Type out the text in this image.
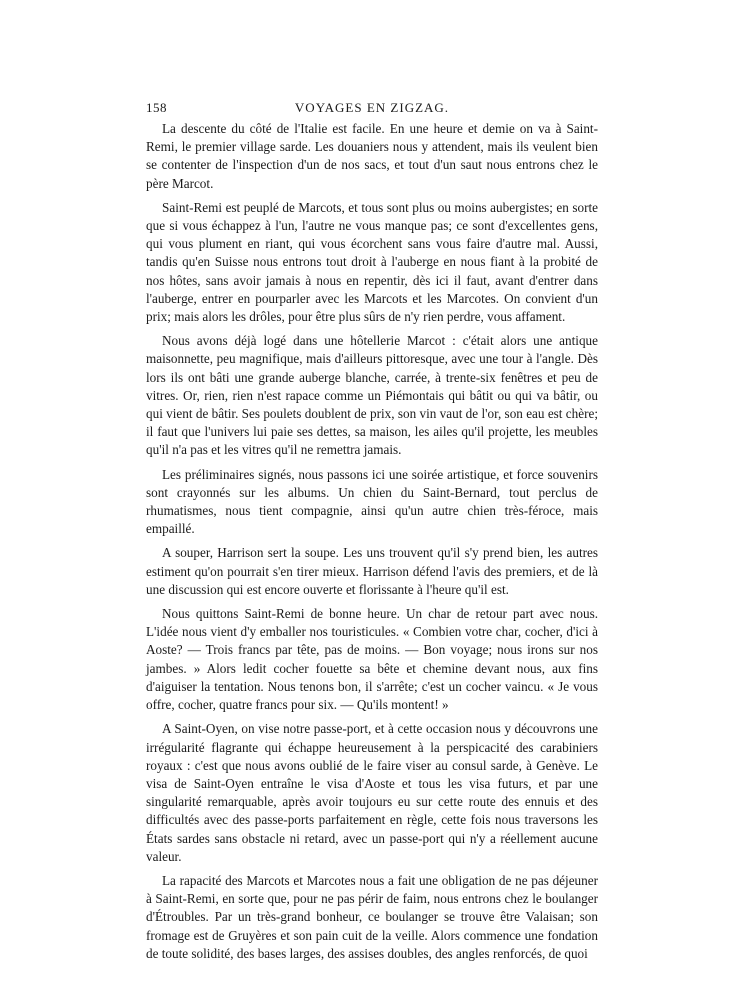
158	VOYAGES EN ZIGZAG.

La descente du côté de l'Italie est facile. En une heure et demie on va à Saint-Remi, le premier village sarde. Les douaniers nous y attendent, mais ils veulent bien se contenter de l'inspection d'un de nos sacs, et tout d'un saut nous entrons chez le père Marcot.

Saint-Remi est peuplé de Marcots, et tous sont plus ou moins aubergistes; en sorte que si vous échappez à l'un, l'autre ne vous manque pas; ce sont d'excellentes gens, qui vous plument en riant, qui vous écorchent sans vous faire d'autre mal. Aussi, tandis qu'en Suisse nous entrons tout droit à l'auberge en nous fiant à la probité de nos hôtes, sans avoir jamais à nous en repentir, dès ici il faut, avant d'entrer dans l'auberge, entrer en pourparler avec les Marcots et les Marcotes. On convient d'un prix; mais alors les drôles, pour être plus sûrs de n'y rien perdre, vous affament.

Nous avons déjà logé dans une hôtellerie Marcot : c'était alors une antique maisonnette, peu magnifique, mais d'ailleurs pittoresque, avec une tour à l'angle. Dès lors ils ont bâti une grande auberge blanche, carrée, à trente-six fenêtres et peu de vitres. Or, rien, rien n'est rapace comme un Piémontais qui bâtit ou qui va bâtir, ou qui vient de bâtir. Ses poulets doublent de prix, son vin vaut de l'or, son eau est chère; il faut que l'univers lui paie ses dettes, sa maison, les ailes qu'il projette, les meubles qu'il n'a pas et les vitres qu'il ne remettra jamais.

Les préliminaires signés, nous passons ici une soirée artistique, et force souvenirs sont crayonnés sur les albums. Un chien du Saint-Bernard, tout perclus de rhumatismes, nous tient compagnie, ainsi qu'un autre chien très-féroce, mais empaillé.

A souper, Harrison sert la soupe. Les uns trouvent qu'il s'y prend bien, les autres estiment qu'on pourrait s'en tirer mieux. Harrison défend l'avis des premiers, et de là une discussion qui est encore ouverte et florissante à l'heure qu'il est.

Nous quittons Saint-Remi de bonne heure. Un char de retour part avec nous. L'idée nous vient d'y emballer nos touristicules. « Combien votre char, cocher, d'ici à Aoste? — Trois francs par tête, pas de moins. — Bon voyage; nous irons sur nos jambes. » Alors ledit cocher fouette sa bête et chemine devant nous, aux fins d'aiguiser la tentation. Nous tenons bon, il s'arrête; c'est un cocher vaincu. « Je vous offre, cocher, quatre francs pour six. — Qu'ils montent! »

A Saint-Oyen, on vise notre passe-port, et à cette occasion nous y découvrons une irrégularité flagrante qui échappe heureusement à la perspicacité des carabiniers royaux : c'est que nous avons oublié de le faire viser au consul sarde, à Genève. Le visa de Saint-Oyen entraîne le visa d'Aoste et tous les visa futurs, et par une singularité remarquable, après avoir toujours eu sur cette route des ennuis et des difficultés avec des passe-ports parfaitement en règle, cette fois nous traversons les États sardes sans obstacle ni retard, avec un passe-port qui n'y a réellement aucune valeur.

La rapacité des Marcots et Marcotes nous a fait une obligation de ne pas déjeuner à Saint-Remi, en sorte que, pour ne pas périr de faim, nous entrons chez le boulanger d'Étroubles. Par un très-grand bonheur, ce boulanger se trouve être Valaisan; son fromage est de Gruyères et son pain cuit de la veille. Alors commence une fondation de toute solidité, des bases larges, des assises doubles, des angles renforcés, de quoi
